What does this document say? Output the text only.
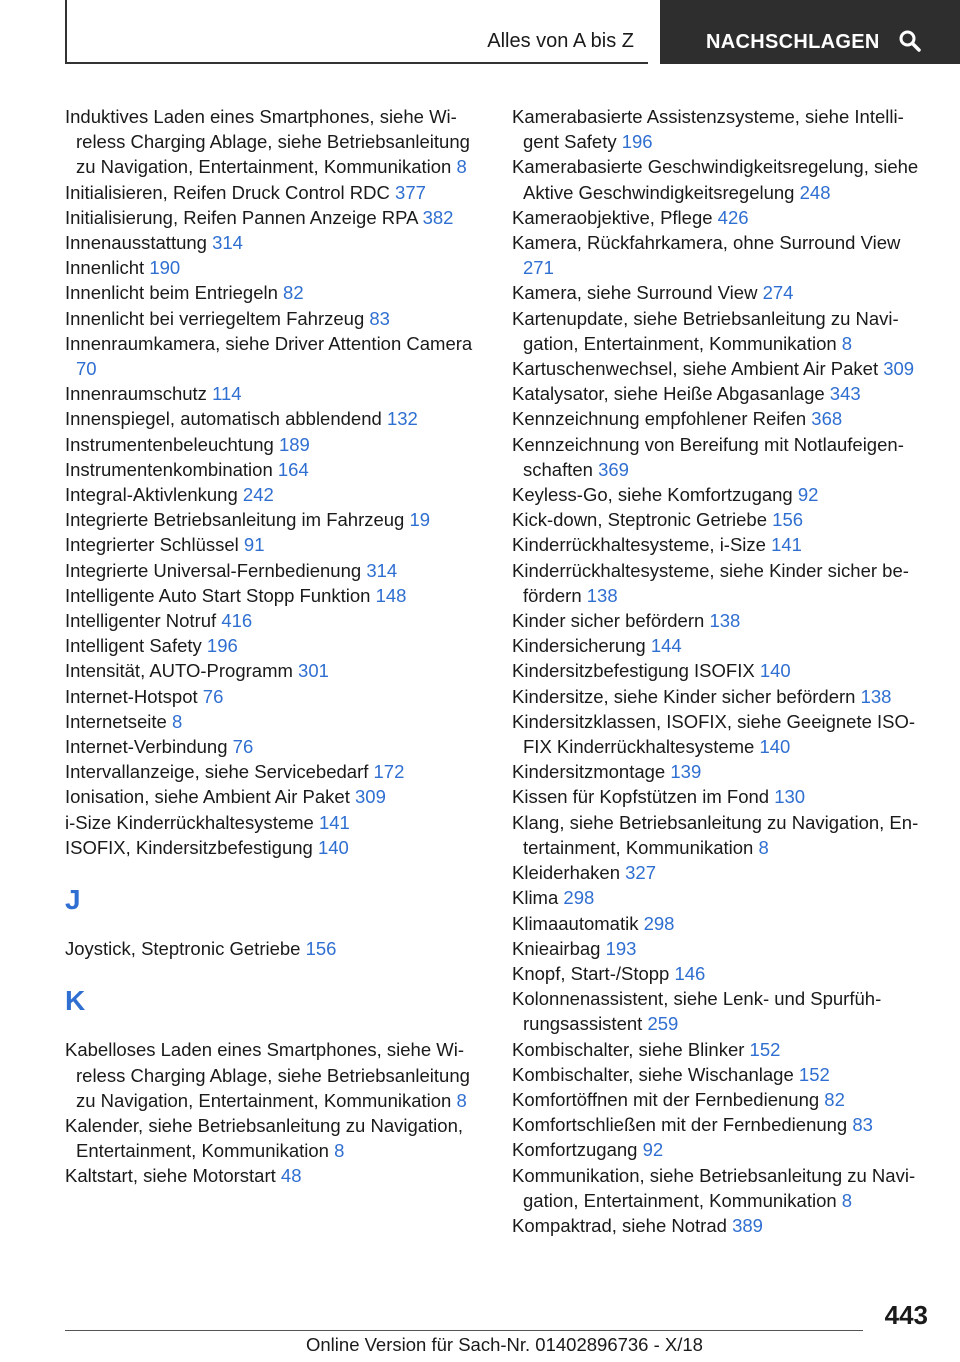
Alles von A bis Z	NACHSCHLAGEN
Induktives Laden eines Smartphones, siehe Wireless Charging Ablage, siehe Betriebsanleitung zu Navigation, Entertainment, Kommunikation 8
Initialisieren, Reifen Druck Control RDC 377
Initialisierung, Reifen Pannen Anzeige RPA 382
Innenausstattung 314
Innenlicht 190
Innenlicht beim Entriegeln 82
Innenlicht bei verriegeltem Fahrzeug 83
Innenraumkamera, siehe Driver Attention Camera 70
Innenraumschutz 114
Innenspiegel, automatisch abblendend 132
Instrumentenbeleuchtung 189
Instrumentenkombination 164
Integral-Aktivlenkung 242
Integrierte Betriebsanleitung im Fahrzeug 19
Integrierter Schlüssel 91
Integrierte Universal-Fernbedienung 314
Intelligente Auto Start Stopp Funktion 148
Intelligenter Notruf 416
Intelligent Safety 196
Intensität, AUTO-Programm 301
Internet-Hotspot 76
Internetseite 8
Internet-Verbindung 76
Intervallanzeige, siehe Servicebedarf 172
Ionisation, siehe Ambient Air Paket 309
i-Size Kinderrückhaltesysteme 141
ISOFIX, Kindersitzbefestigung 140
J
Joystick, Steptronic Getriebe 156
K
Kabelloses Laden eines Smartphones, siehe Wireless Charging Ablage, siehe Betriebsanleitung zu Navigation, Entertainment, Kommunikation 8
Kalender, siehe Betriebsanleitung zu Navigation, Entertainment, Kommunikation 8
Kaltstart, siehe Motorstart 48
Kamerabasierte Assistenzsysteme, siehe Intelligent Safety 196
Kamerabasierte Geschwindigkeitsregelung, siehe Aktive Geschwindigkeitsregelung 248
Kameraobjektive, Pflege 426
Kamera, Rückfahrkamera, ohne Surround View 271
Kamera, siehe Surround View 274
Kartenupdate, siehe Betriebsanleitung zu Navigation, Entertainment, Kommunikation 8
Kartuschenwechsel, siehe Ambient Air Paket 309
Katalysator, siehe Heiße Abgasanlage 343
Kennzeichnung empfohlener Reifen 368
Kennzeichnung von Bereifung mit Notlaufeigenschaften 369
Keyless-Go, siehe Komfortzugang 92
Kick-down, Steptronic Getriebe 156
Kinderrückhaltesysteme, i-Size 141
Kinderrückhaltesysteme, siehe Kinder sicher befördern 138
Kinder sicher befördern 138
Kindersicherung 144
Kindersitzbefestigung ISOFIX 140
Kindersitze, siehe Kinder sicher befördern 138
Kindersitzklassen, ISOFIX, siehe Geeignete ISOFIX Kinderrückhaltesysteme 140
Kindersitzmontage 139
Kissen für Kopfstützen im Fond 130
Klang, siehe Betriebsanleitung zu Navigation, Entertainment, Kommunikation 8
Kleiderhaken 327
Klima 298
Klimaautomatik 298
Knieairbag 193
Knopf, Start-/Stopp 146
Kolonnenassistent, siehe Lenk- und Spurführungsassistent 259
Kombischalter, siehe Blinker 152
Kombischalter, siehe Wischanlage 152
Komfortöffnen mit der Fernbedienung 82
Komfortschließen mit der Fernbedienung 83
Komfortzugang 92
Kommunikation, siehe Betriebsanleitung zu Navigation, Entertainment, Kommunikation 8
Kompaktrad, siehe Notrad 389
443
Online Version für Sach-Nr. 01402896736 - X/18
